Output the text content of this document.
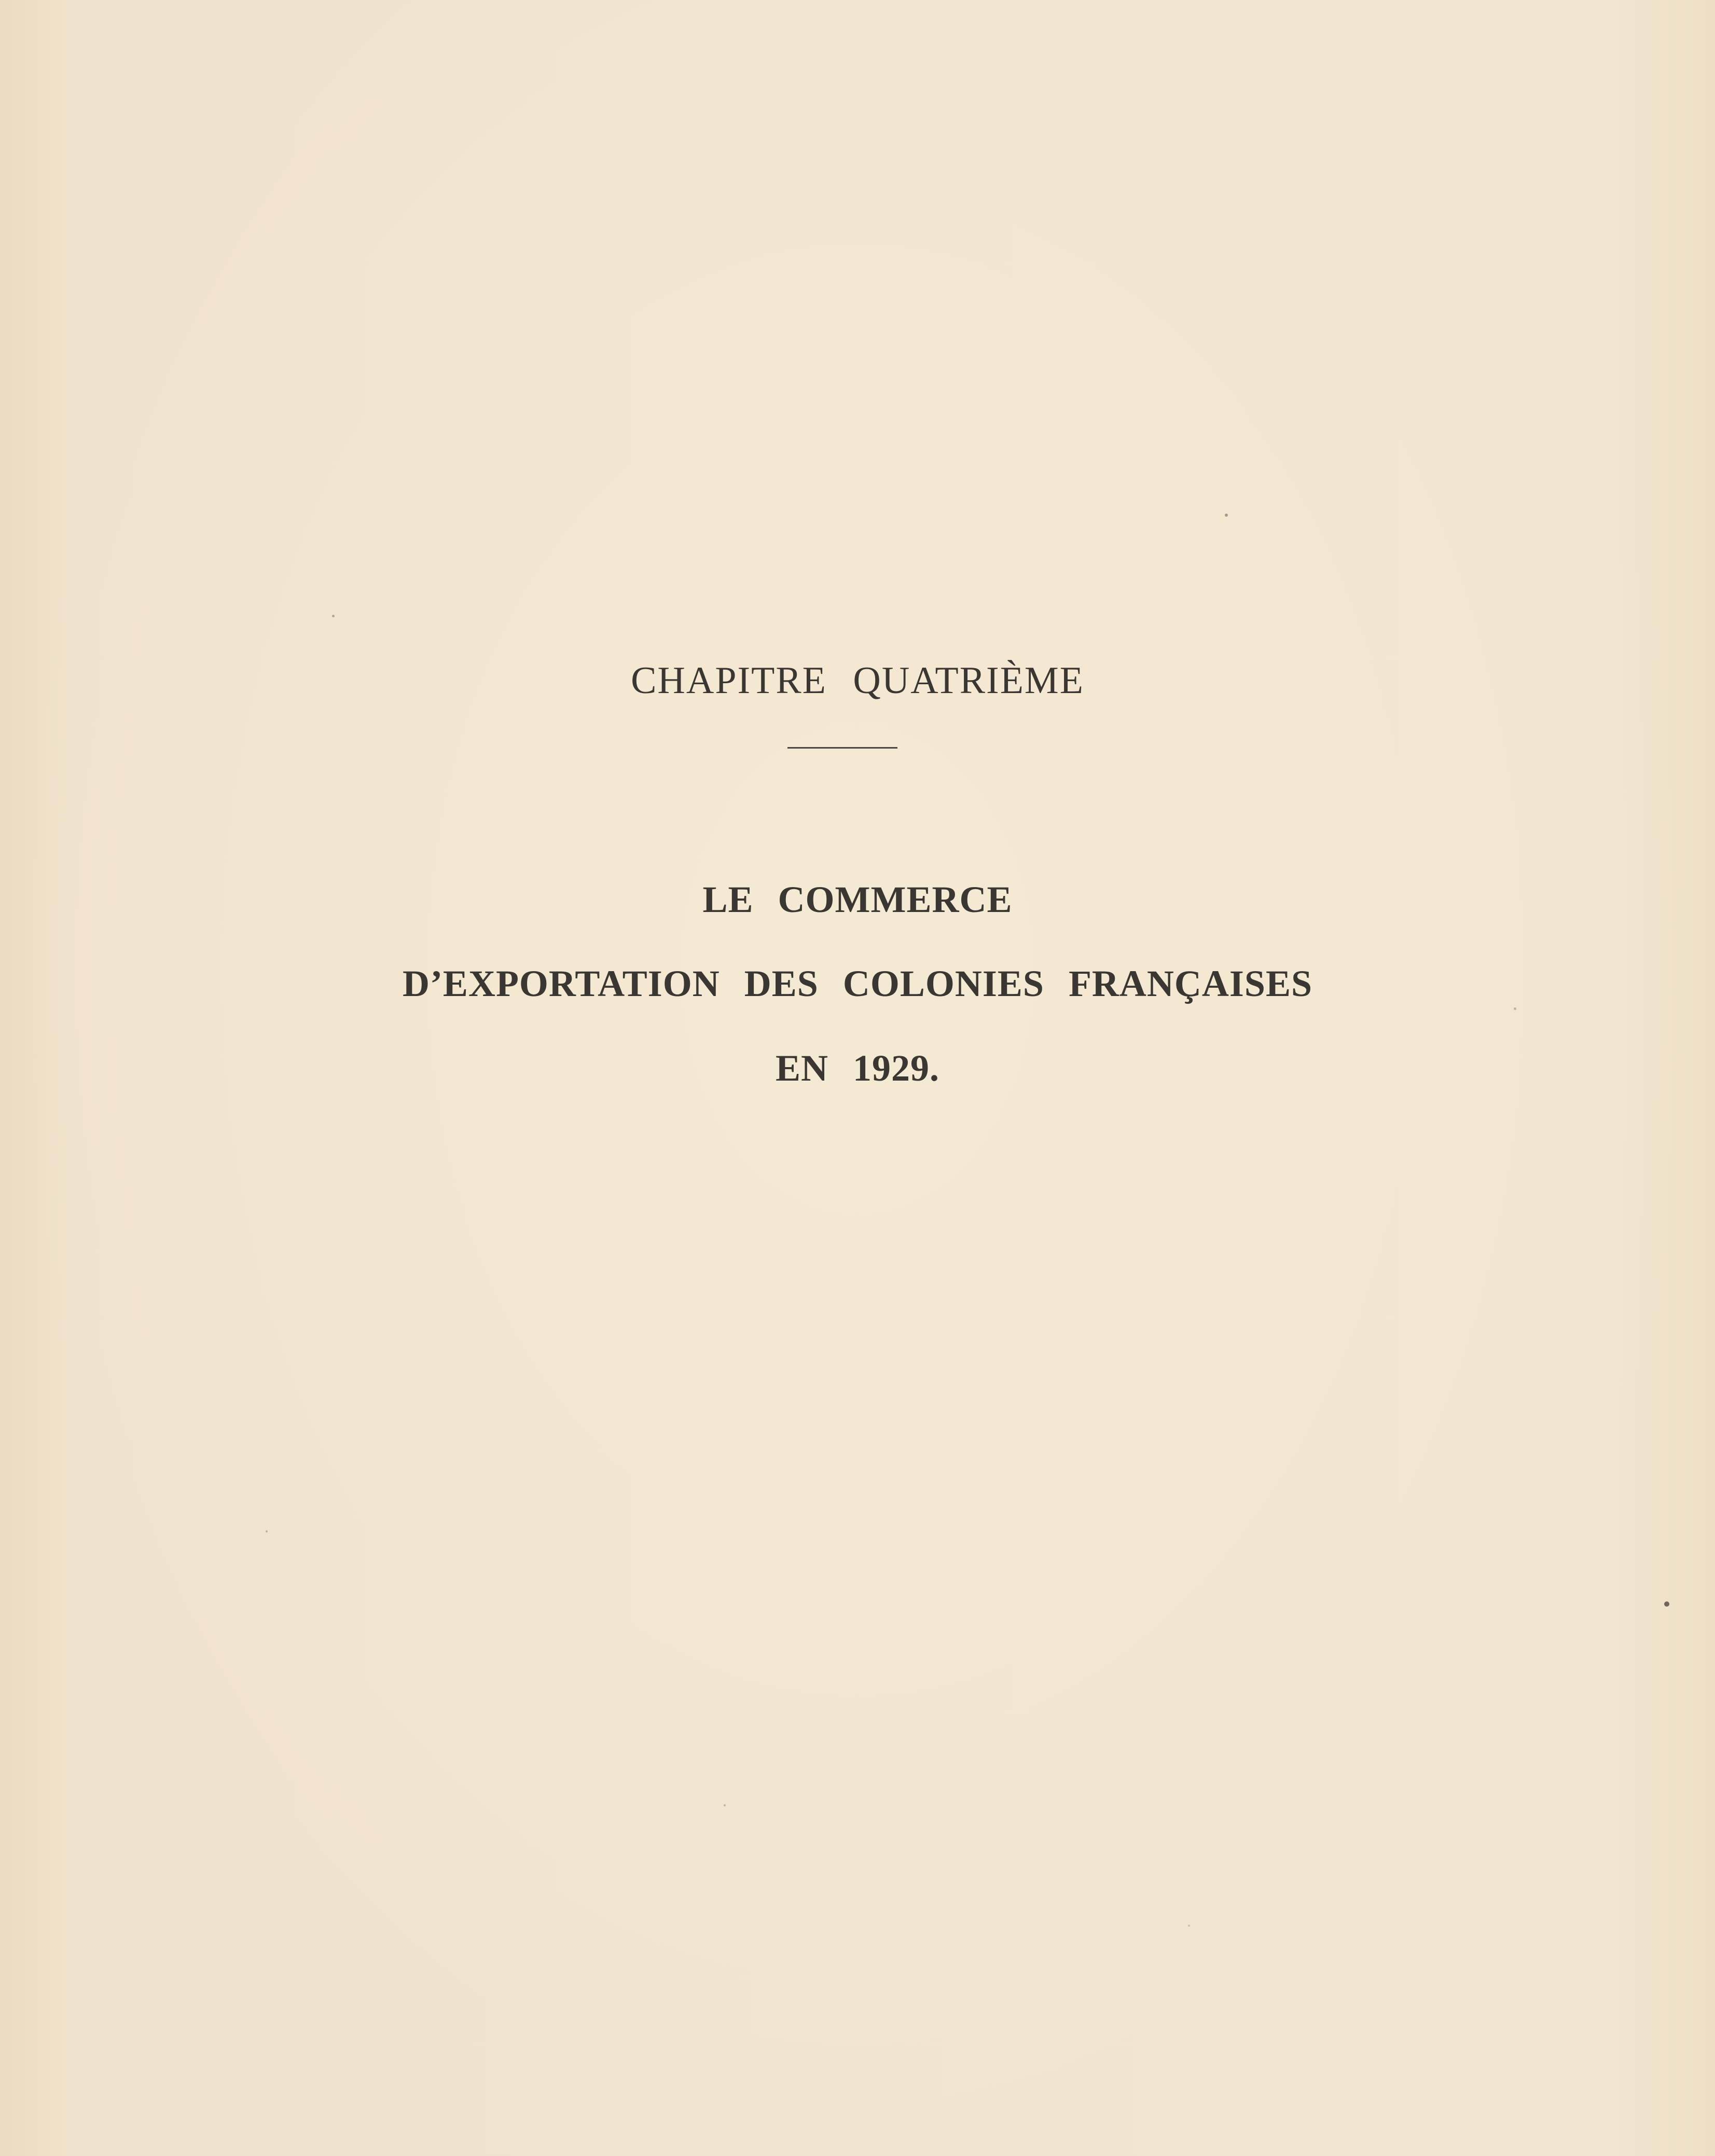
CHAPITRE QUATRIÈME
LE COMMERCE
D’EXPORTATION DES COLONIES FRANÇAISES
EN 1929.
